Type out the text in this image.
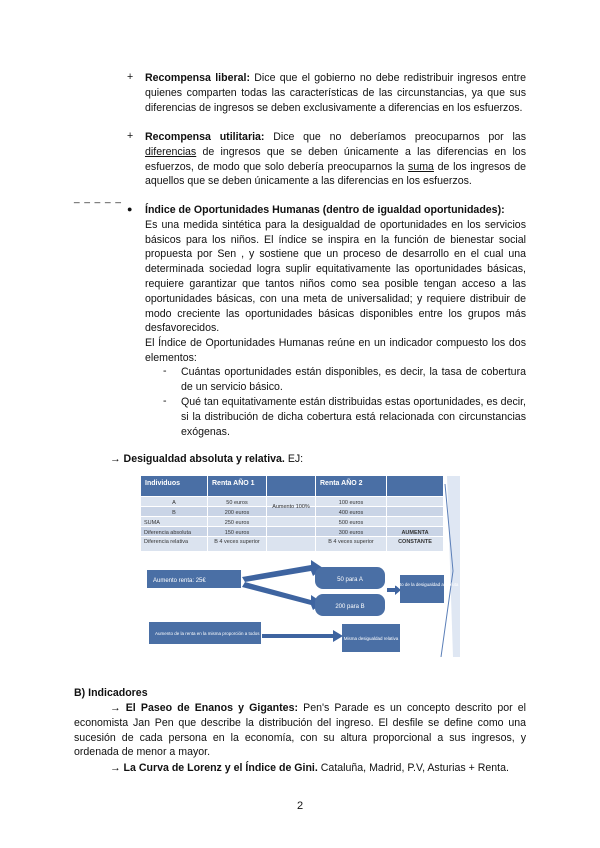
+ Recompensa liberal: Dice que el gobierno no debe redistribuir ingresos entre quienes comparten todas las características de las circunstancias, ya que sus diferencias de ingresos se deben exclusivamente a diferencias en los esfuerzos.
+ Recompensa utilitaria: Dice que no deberíamos preocuparnos por las diferencias de ingresos que se deben únicamente a las diferencias en los esfuerzos, de modo que solo debería preocuparnos la suma de los ingresos de aquellos que se deben únicamente a las diferencias en los esfuerzos.
_ _ _ _ _
● Índice de Oportunidades Humanas (dentro de igualdad oportunidades):
Es una medida sintética para la desigualdad de oportunidades en los servicios básicos para los niños. El índice se inspira en la función de bienestar social propuesta por Sen , y sostiene que un proceso de desarrollo en el cual una determinada sociedad logra suplir equitativamente las oportunidades básicas, requiere garantizar que tantos niños como sea posible tengan acceso a las oportunidades básicas, con una meta de universalidad; y requiere distribuir de modo creciente las oportunidades básicas disponibles entre los grupos más desfavorecidos.
El Índice de Oportunidades Humanas reúne en un indicador compuesto los dos elementos:
- Cuántas oportunidades están disponibles, es decir, la tasa de cobertura de un servicio básico.
- Qué tan equitativamente están distribuidas estas oportunidades, es decir, si la distribución de dicha cobertura está relacionada con circunstancias exógenas.
→ Desigualdad absoluta y relativa. EJ:
Individuos	Renta AÑO 1	Renta AÑO 2
A	50 euros	100 euros
B	200 euros	400 euros
SUMA	250 euros	500 euros
Diferencia absoluta	150 euros	300 euros	AUMENTA
Diferencia relativa	B 4 veces superior	B 4 veces superior	CONSTANTE
Aumento 100%
Aumento renta: 25€	50 para A
200 para B
Aumento de la desigualdad absoluta
Aumento de la renta en la misma proporción a todos
Misma desigualdad relativa
B) Indicadores
→ El Paseo de Enanos y Gigantes: Pen's Parade es un concepto descrito por el economista Jan Pen que describe la distribución del ingreso. El desfile se define como una sucesión de cada persona en la economía, con su altura proporcional a sus ingresos, y ordenada de menor a mayor.
→ La Curva de Lorenz y el Índice de Gini. Cataluña, Madrid, P.V, Asturias + Renta.
2
